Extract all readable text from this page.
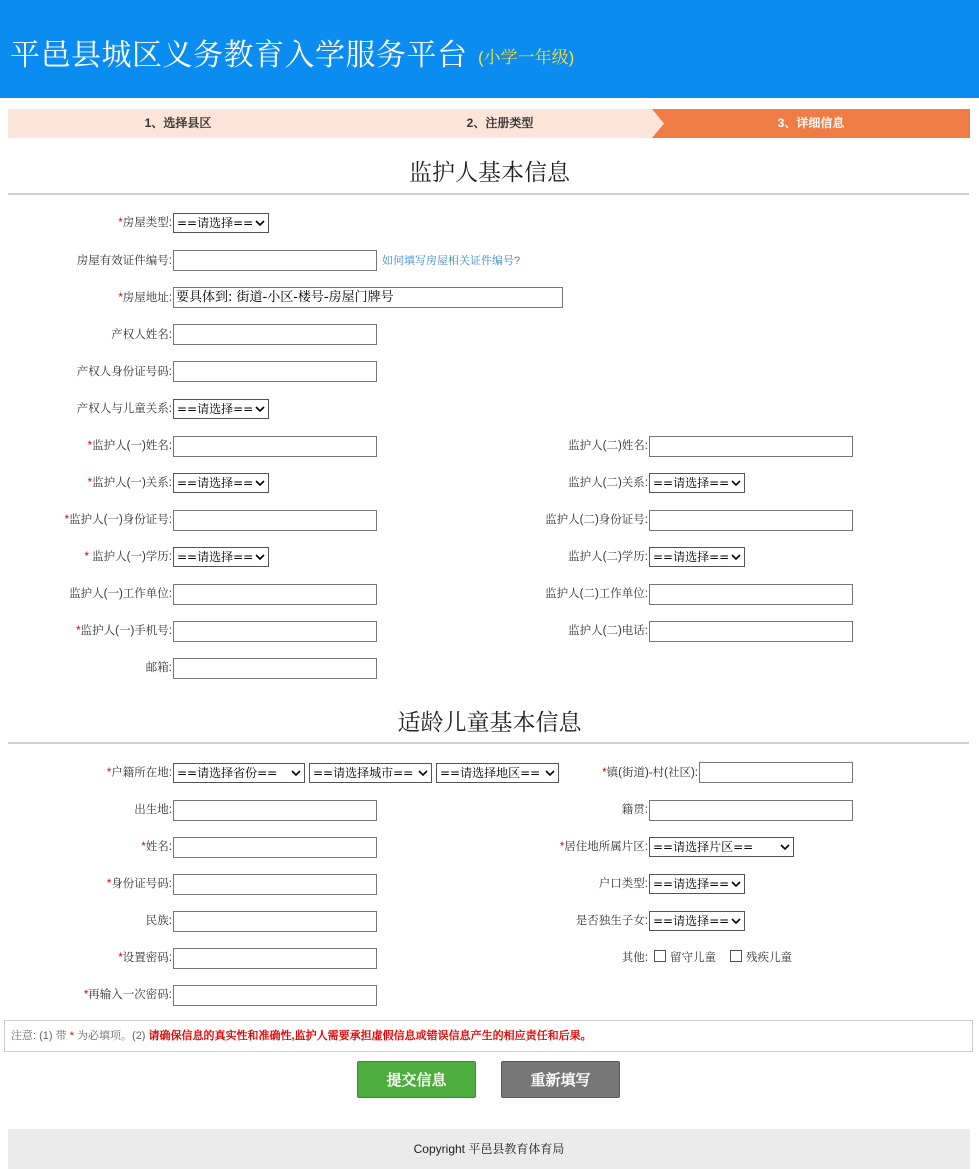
平邑县城区义务教育入学服务平台 (小学一年级)
1、选择县区	2、注册类型	3、详细信息
监护人基本信息
*房屋类型: ==请选择==
房屋有效证件编号:	如何填写房屋相关证件编号?
*房屋地址: 要具体到: 街道-小区-楼号-房屋门牌号
产权人姓名:
产权人身份证号码:
产权人与儿童关系: ==请选择==
*监护人(一)姓名:	监护人(二)姓名:
*监护人(一)关系: ==请选择==	监护人(二)关系: ==请选择==
*监护人(一)身份证号:	监护人(二)身份证号:
* 监护人(一)学历: ==请选择==	监护人(二)学历: ==请选择==
监护人(一)工作单位:	监护人(二)工作单位:
*监护人(一)手机号:	监护人(二)电话:
邮箱:
适龄儿童基本信息
*户籍所在地: ==请选择省份==	==请选择城市==	==请选择地区==	*镇(街道)-村(社区):
出生地:	籍贯:
*姓名:	*居住地所属片区: ==请选择片区==
*身份证号码:	户口类型: ==请选择==
民族:	是否独生子女: ==请选择==
*设置密码:	其他: 留守儿童	残疾儿童
*再输入一次密码:
注意: (1) 带 * 为必填项。(2) 请确保信息的真实性和准确性,监护人需要承担虚假信息或错误信息产生的相应责任和后果。
提交信息	重新填写
Copyright 平邑县教育体育局
